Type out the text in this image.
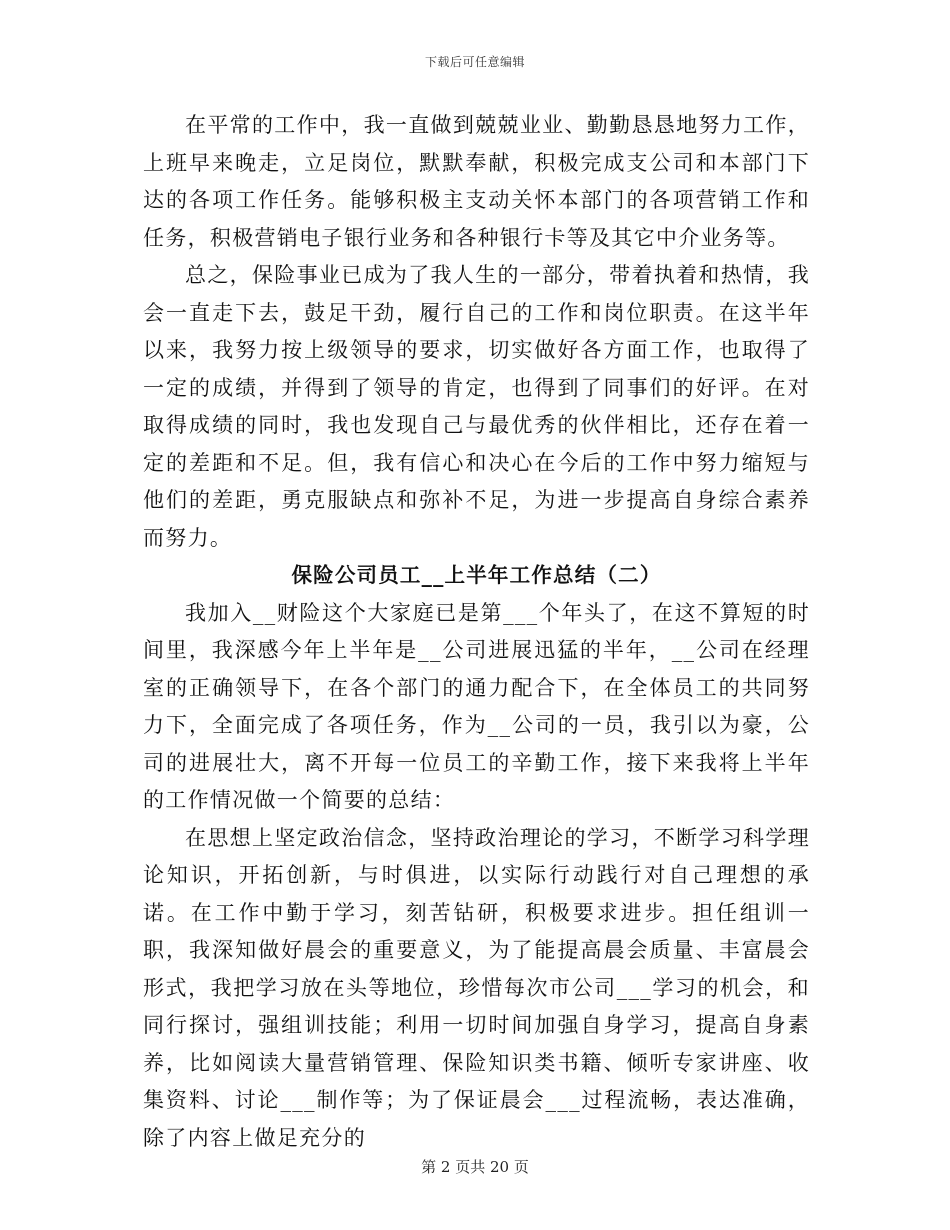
下载后可任意编辑

在平常的工作中，我一直做到兢兢业业、勤勤恳恳地努力工作，上班早来晚走，立足岗位，默默奉献，积极完成支公司和本部门下达的各项工作任务。能够积极主支动关怀本部门的各项营销工作和任务，积极营销电子银行业务和各种银行卡等及其它中介业务等。

总之，保险事业已成为了我人生的一部分，带着执着和热情，我会一直走下去，鼓足干劲，履行自己的工作和岗位职责。在这半年以来，我努力按上级领导的要求，切实做好各方面工作，也取得了一定的成绩，并得到了领导的肯定，也得到了同事们的好评。在对取得成绩的同时，我也发现自己与最优秀的伙伴相比，还存在着一定的差距和不足。但，我有信心和决心在今后的工作中努力缩短与他们的差距，勇克服缺点和弥补不足，为进一步提高自身综合素养而努力。

保险公司员工__上半年工作总结（二）

我加入__财险这个大家庭已是第___个年头了，在这不算短的时间里，我深感今年上半年是__公司进展迅猛的半年，__公司在经理室的正确领导下，在各个部门的通力配合下，在全体员工的共同努力下，全面完成了各项任务，作为__公司的一员，我引以为豪，公司的进展壮大，离不开每一位员工的辛勤工作，接下来我将上半年的工作情况做一个简要的总结：

在思想上坚定政治信念，坚持政治理论的学习，不断学习科学理论知识，开拓创新，与时俱进，以实际行动践行对自己理想的承诺。在工作中勤于学习，刻苦钻研，积极要求进步。担任组训一职，我深知做好晨会的重要意义，为了能提高晨会质量、丰富晨会形式，我把学习放在头等地位，珍惜每次市公司___学习的机会，和同行探讨，强组训技能；利用一切时间加强自身学习，提高自身素养，比如阅读大量营销管理、保险知识类书籍、倾听专家讲座、收集资料、讨论___制作等；为了保证晨会___过程流畅，表达准确，除了内容上做足充分的

第 2 页共 20 页
